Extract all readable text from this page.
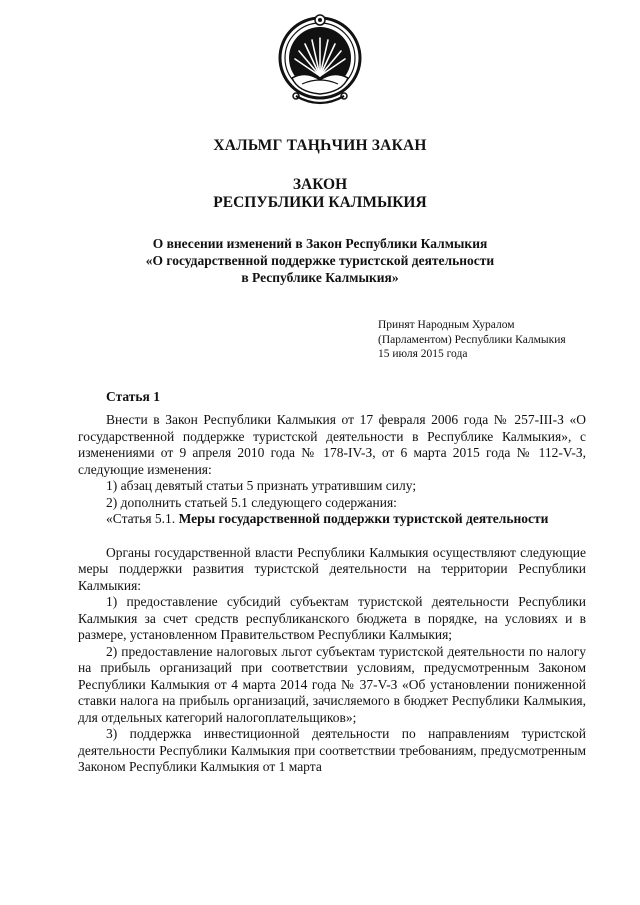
ХАЛЬМГ ТАҢҺЧИН ЗАКАН

ЗАКОН
РЕСПУБЛИКИ КАЛМЫКИЯ
О внесении изменений в Закон Республики Калмыкия
«О государственной поддержке туристской деятельности
в Республике Калмыкия»
Принят Народным Хуралом
(Парламентом) Республики Калмыкия
15 июля 2015 года

Статья 1

Внести в Закон Республики Калмыкия от 17 февраля 2006 года № 257-III-З «О государственной поддержке туристской деятельности в Республике Калмыкия», с изменениями от 9 апреля 2010 года № 178-IV-З, от 6 марта 2015 года № 112-V-З, следующие изменения:

1) абзац девятый статьи 5 признать утратившим силу;

2) дополнить статьей 5.1 следующего содержания:

«Статья 5.1. Меры государственной поддержки туристской деятельности

Органы государственной власти Республики Калмыкия осуществляют следующие меры поддержки развития туристской деятельности на территории Республики Калмыкия:

1) предоставление субсидий субъектам туристской деятельности Республики Калмыкия за счет средств республиканского бюджета в порядке, на условиях и в размере, установленном Правительством Республики Калмыкия;

2) предоставление налоговых льгот субъектам туристской деятельности по налогу на прибыль организаций при соответствии условиям, предусмотренным Законом Республики Калмыкия от 4 марта 2014 года № 37-V-З «Об установлении пониженной ставки налога на прибыль организаций, зачисляемого в бюджет Республики Калмыкия, для отдельных категорий налогоплательщиков»;

3) поддержка инвестиционной деятельности по направлениям туристской деятельности Республики Калмыкия при соответствии требованиям, предусмотренным Законом Республики Калмыкия от 1 марта
